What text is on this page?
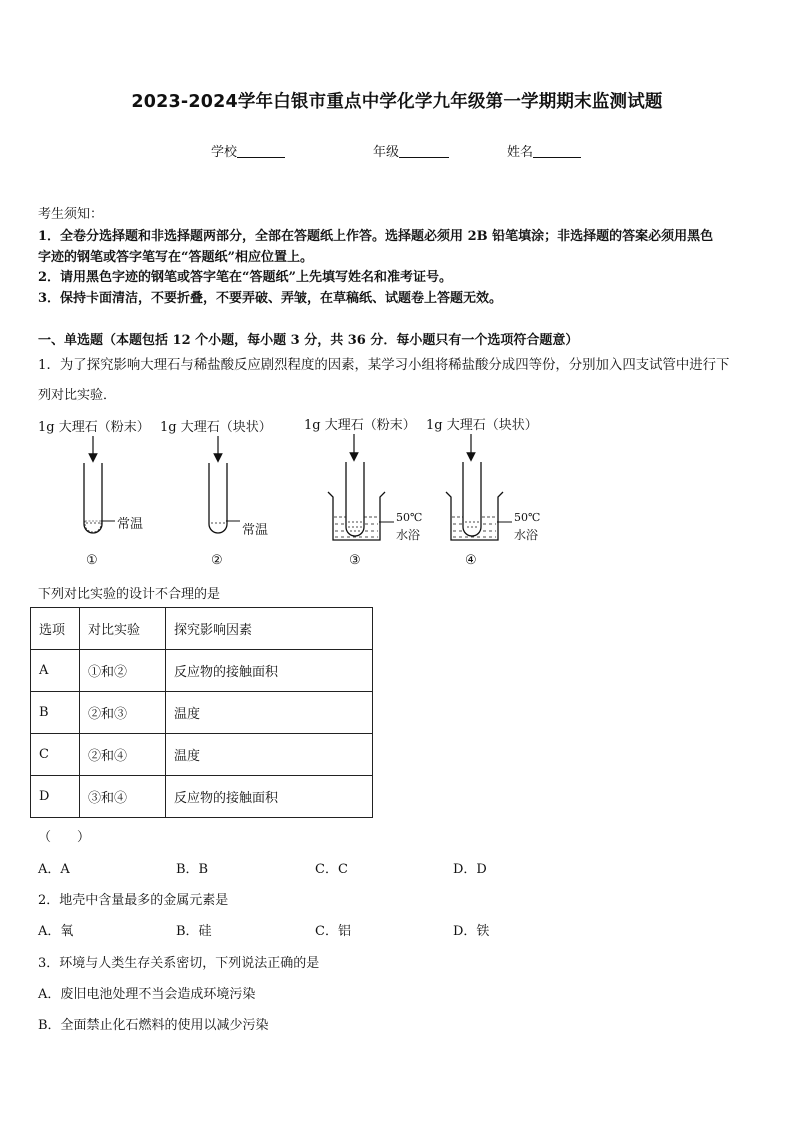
2023-2024学年白银市重点中学化学九年级第一学期期末监测试题
学校	年级	姓名
考生须知：
1．全卷分选择题和非选择题两部分，全部在答题纸上作答。选择题必须用 2B 铅笔填涂；非选择题的答案必须用黑色
字迹的钢笔或答字笔写在“答题纸”相应位置上。
2．请用黑色字迹的钢笔或答字笔在“答题纸”上先填写姓名和准考证号。
3．保持卡面清洁，不要折叠，不要弄破、弄皱，在草稿纸、试题卷上答题无效。
一、单选题（本题包括 12 个小题，每小题 3 分，共 36 分．每小题只有一个选项符合题意）
1．为了探究影响大理石与稀盐酸反应剧烈程度的因素，某学习小组将稀盐酸分成四等份，分别加入四支试管中进行下
列对比实验．
1g 大理石（粉末） 1g 大理石（块状） 1g 大理石（粉末） 1g 大理石（块状）
常温	常温
50℃
水浴
50℃
水浴
①	②	③	④
下列对比实验的设计不合理的是
选项	对比实验	探究影响因素
A	①和②	反应物的接触面积
B	②和③	温度
C	②和④	温度
D	③和④	反应物的接触面积
（　　）
A．A	B．B	C．C	D．D
2．地壳中含量最多的金属元素是
A．氧	B．硅	C．铝	D．铁
3．环境与人类生存关系密切，下列说法正确的是
A．废旧电池处理不当会造成环境污染
B．全面禁止化石燃料的使用以减少污染
